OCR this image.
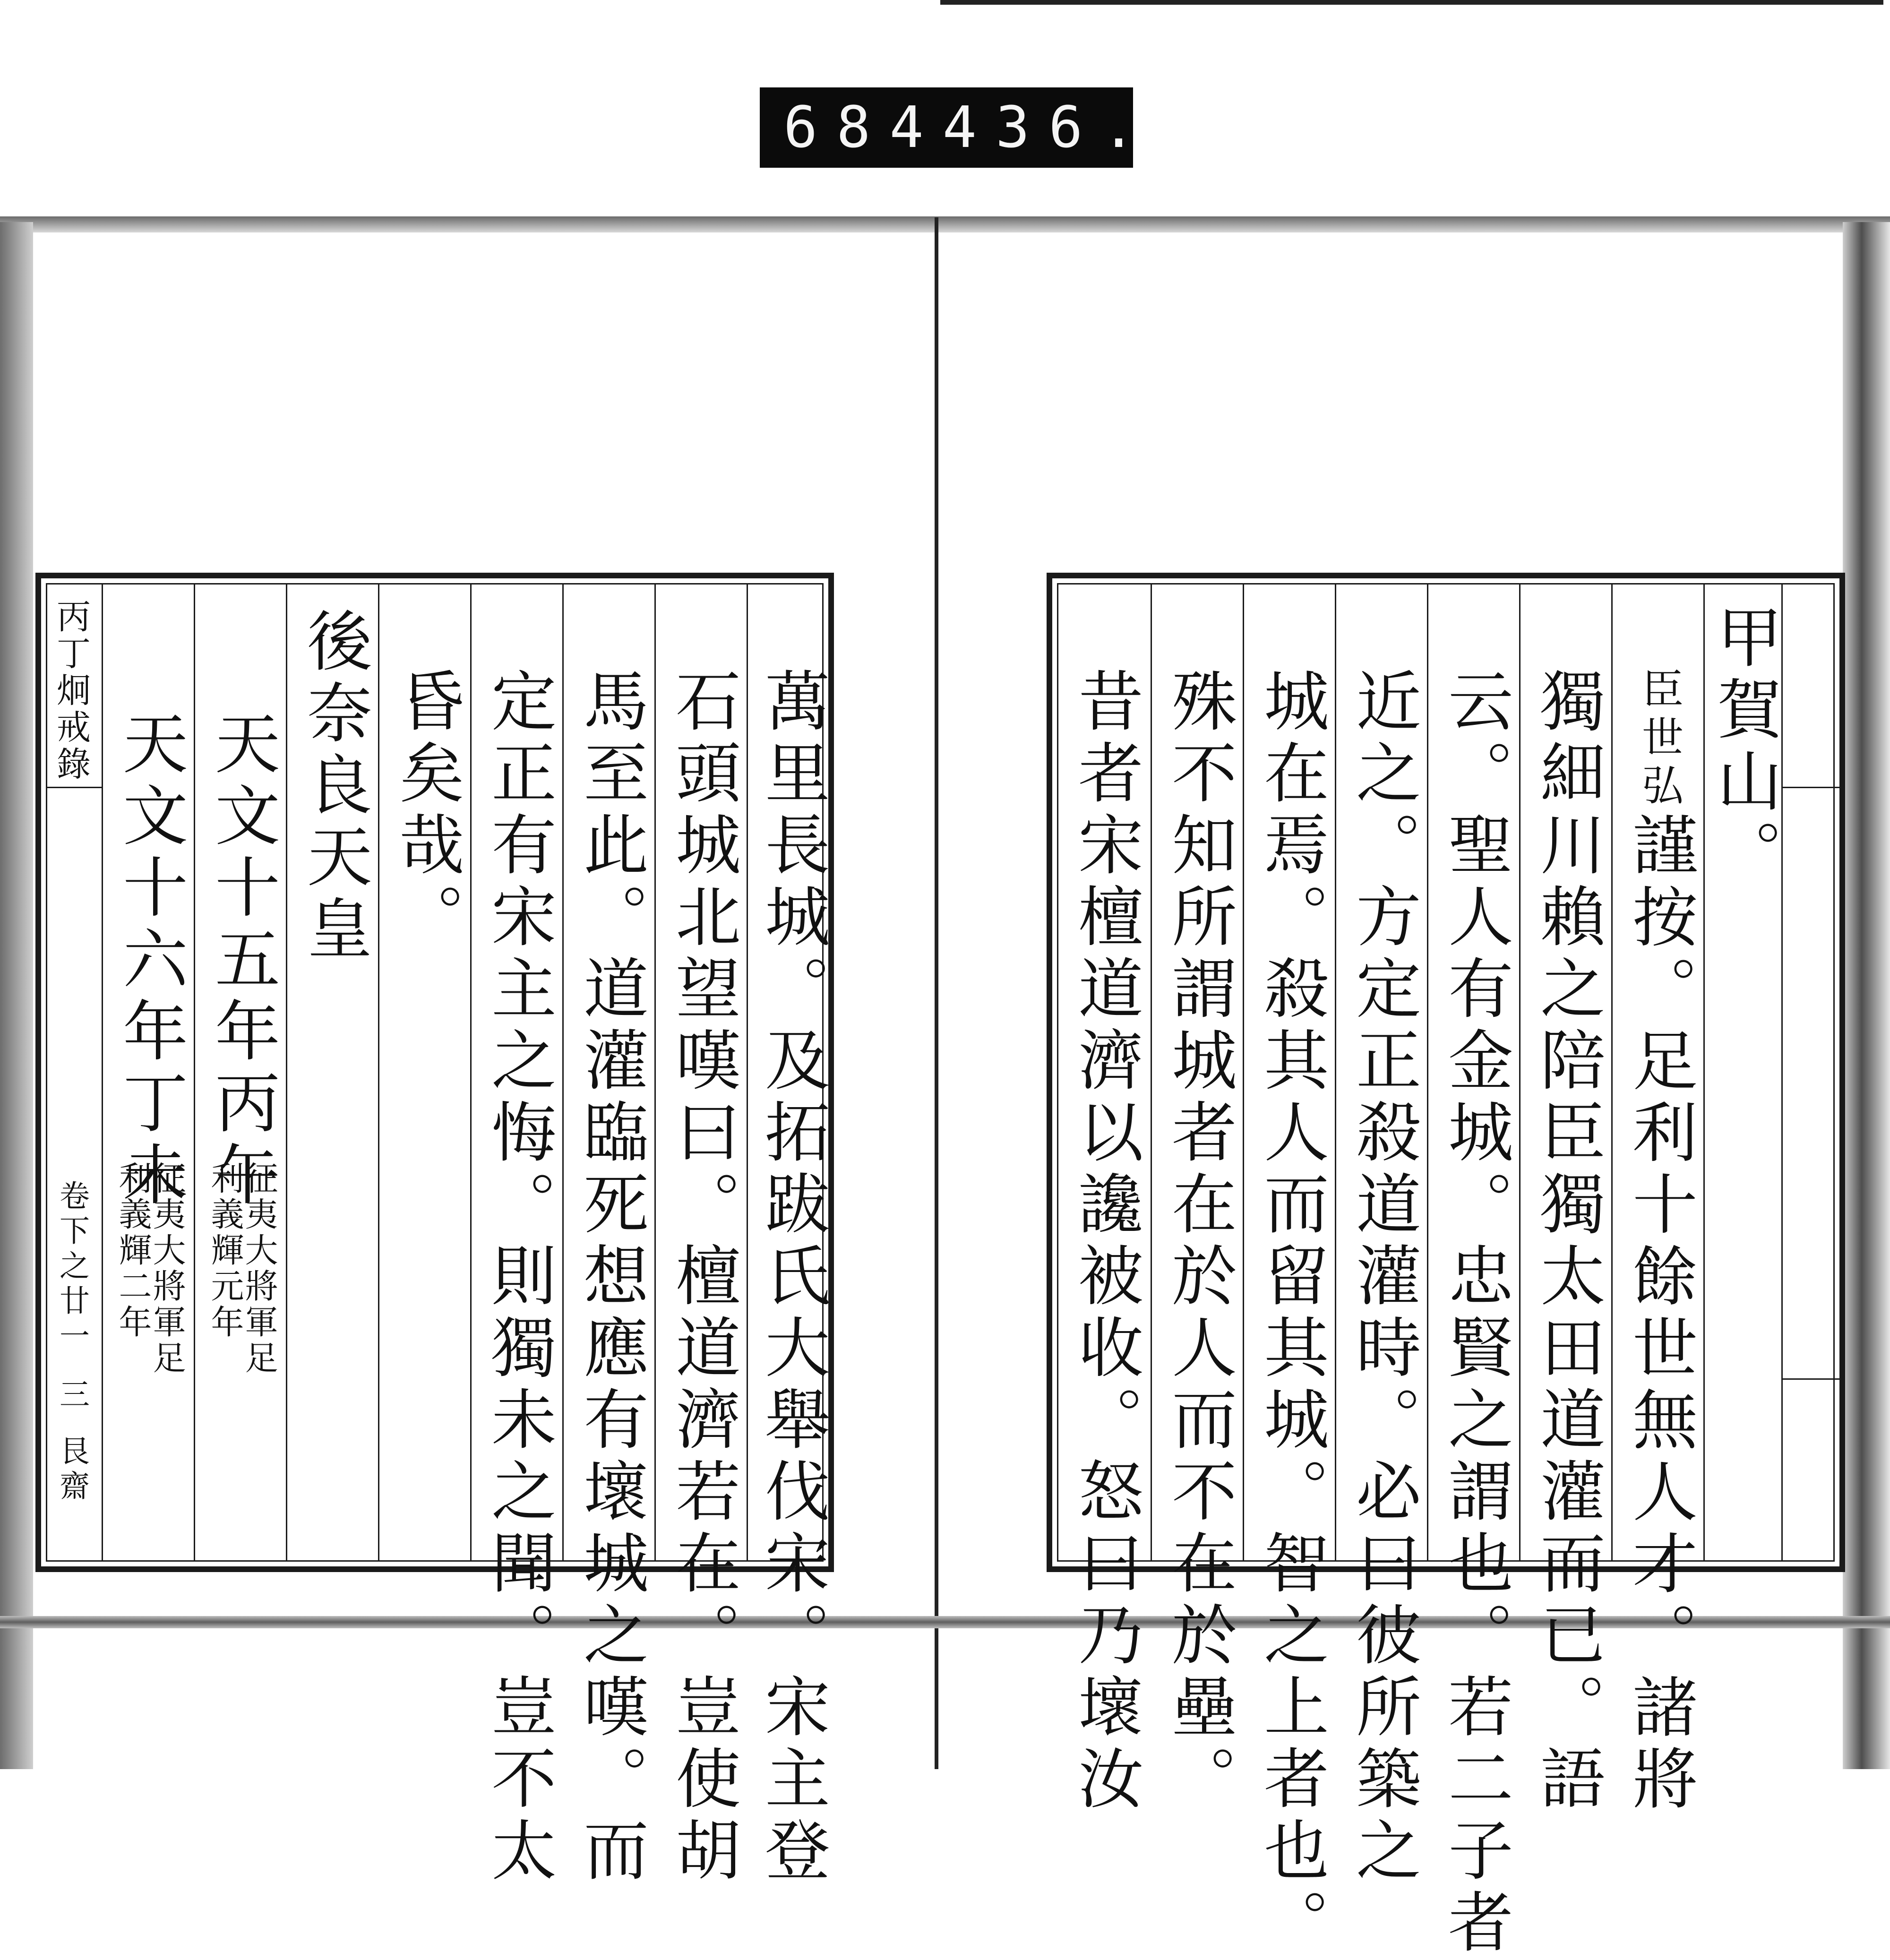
684 436.
丙丁炯戒錄
卷下之廿一
三
艮齋
天文十六年丁未
征夷大將軍足
利義輝二年
天文十五年丙午
征夷大將軍足
利義輝元年
後奈良天皇 昏矣哉。 定正有宋主之悔。則獨未之聞。豈不太 馬至此。道灌臨死想應有壞城之嘆。而 石頭城北望嘆曰。檀道濟若在。豈使胡 萬里長城。及拓跋氏大舉伐宋。宋主登	昔者宋檀道濟以讒被收。怒曰乃壞汝 殊不知所謂城者在於人而不在於壘。 城在焉。殺其人而留其城。智之上者也。 近之。方定正殺道灌時。必曰彼所築之 云。聖人有金城。忠賢之謂也。若二子者 獨細川賴之陪臣獨太田道灌而已。語 臣世弘
謹按。足利十餘世無人才。諸將
甲賀山。
